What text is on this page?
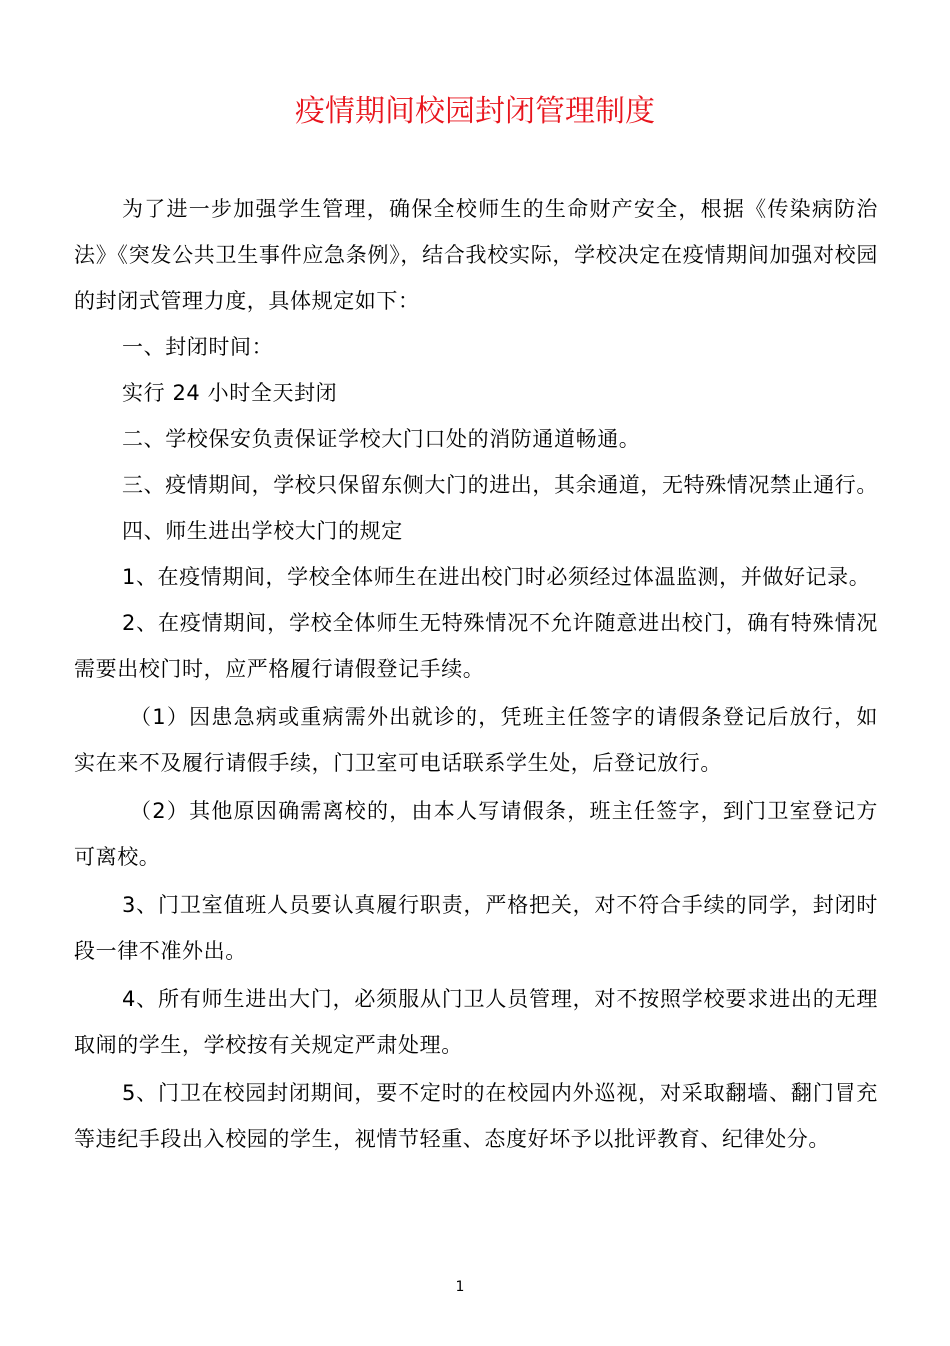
疫情期间校园封闭管理制度

为了进一步加强学生管理，确保全校师生的生命财产安全，根据《传染病防治法》《突发公共卫生事件应急条例》，结合我校实际，学校决定在疫情期间加强对校园的封闭式管理力度，具体规定如下：

一、封闭时间：

实行 24 小时全天封闭

二、学校保安负责保证学校大门口处的消防通道畅通。

三、疫情期间，学校只保留东侧大门的进出，其余通道，无特殊情况禁止通行。

四、师生进出学校大门的规定

1、在疫情期间，学校全体师生在进出校门时必须经过体温监测，并做好记录。

2、在疫情期间，学校全体师生无特殊情况不允许随意进出校门，确有特殊情况需要出校门时，应严格履行请假登记手续。

（1）因患急病或重病需外出就诊的，凭班主任签字的请假条登记后放行，如实在来不及履行请假手续，门卫室可电话联系学生处，后登记放行。

（2）其他原因确需离校的，由本人写请假条，班主任签字，到门卫室登记方可离校。

3、门卫室值班人员要认真履行职责，严格把关，对不符合手续的同学，封闭时段一律不准外出。

4、所有师生进出大门，必须服从门卫人员管理，对不按照学校要求进出的无理取闹的学生，学校按有关规定严肃处理。

5、门卫在校园封闭期间，要不定时的在校园内外巡视，对采取翻墙、翻门冒充等违纪手段出入校园的学生，视情节轻重、态度好坏予以批评教育、纪律处分。

1
